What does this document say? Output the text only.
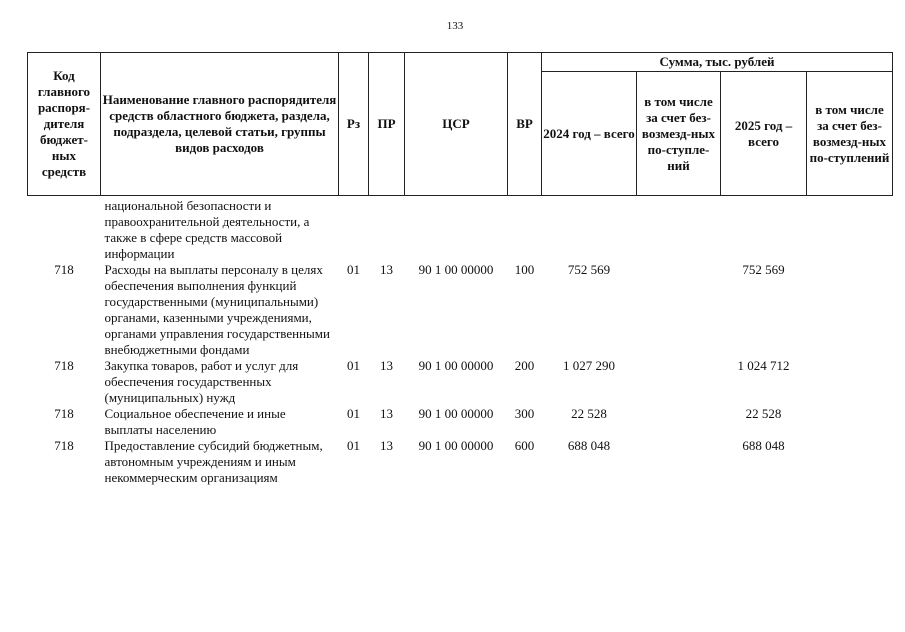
133
Код главного распоря-дителя бюджет-ных средств	Наименование главного распорядителя средств областного бюджета, раздела, подраздела, целевой статьи, группы видов расходов	Рз	ПР	ЦСР	ВР	Сумма, тыс. рублей			
						2024 год – всего	в том числе за счет без-возмезд-ных по-ступле-ний	2025 год – всего	в том числе за счет без-возмезд-ных по-ступлений
	национальной безопасности и правоохранительной деятельности, а также в сфере средств массовой информации								
718	Расходы на выплаты персоналу в целях обеспечения выполнения функций государственными (муниципальными) органами, казенными учреждениями, органами управления государственными внебюджетными фондами	01	13	90 1 00 00000	100	752 569		752 569	
718	Закупка товаров, работ и услуг для обеспечения государственных (муниципальных) нужд	01	13	90 1 00 00000	200	1 027 290		1 024 712	
718	Социальное обеспечение и иные выплаты населению	01	13	90 1 00 00000	300	22 528		22 528	
718	Предоставление субсидий бюджетным, автономным учреждениям и иным некоммерческим организациям	01	13	90 1 00 00000	600	688 048		688 048	
